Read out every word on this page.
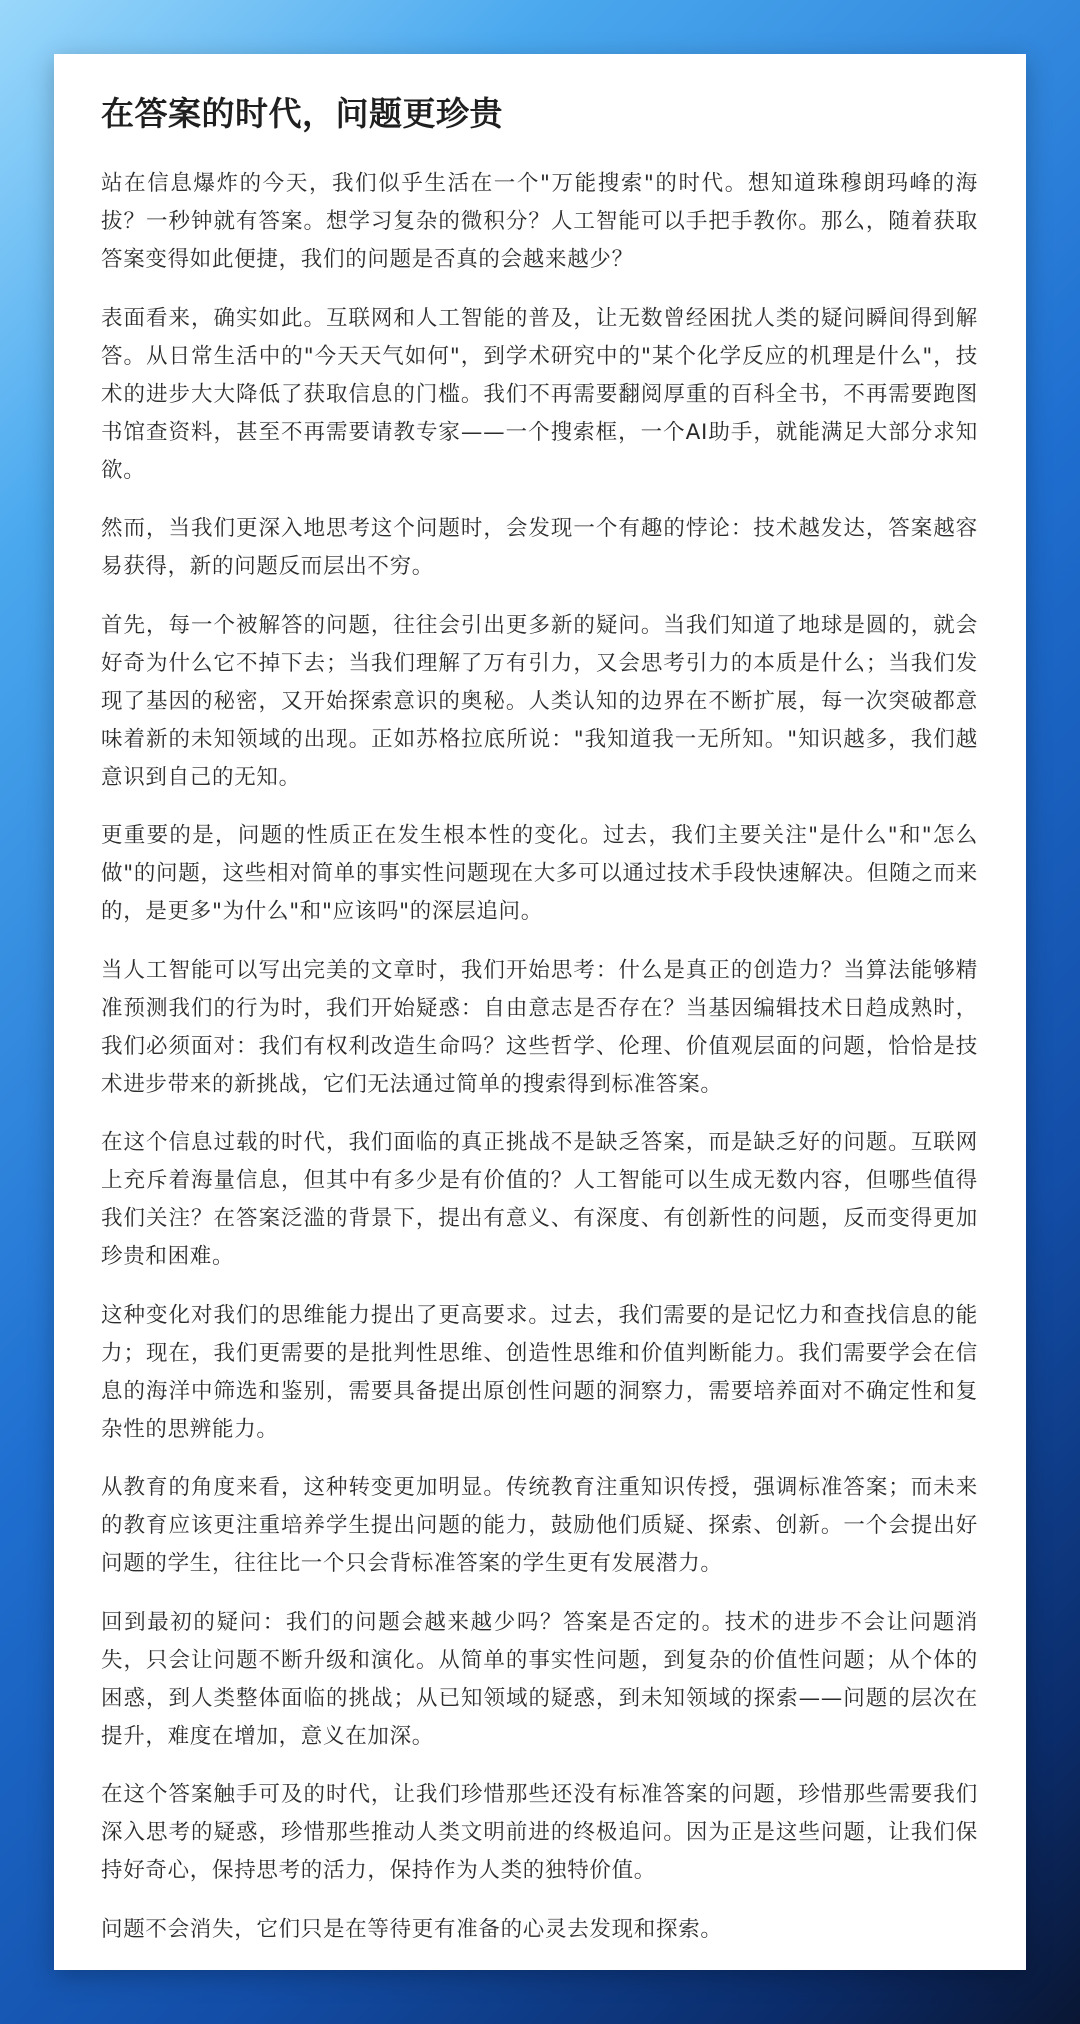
在答案的时代，问题更珍贵

站在信息爆炸的今天，我们似乎生活在一个"万能搜索"的时代。想知道珠穆朗玛峰的海拔？一秒钟就有答案。想学习复杂的微积分？人工智能可以手把手教你。那么，随着获取答案变得如此便捷，我们的问题是否真的会越来越少？

表面看来，确实如此。互联网和人工智能的普及，让无数曾经困扰人类的疑问瞬间得到解答。从日常生活中的"今天天气如何"，到学术研究中的"某个化学反应的机理是什么"，技术的进步大大降低了获取信息的门槛。我们不再需要翻阅厚重的百科全书，不再需要跑图书馆查资料，甚至不再需要请教专家——一个搜索框，一个AI助手，就能满足大部分求知欲。

然而，当我们更深入地思考这个问题时，会发现一个有趣的悖论：技术越发达，答案越容易获得，新的问题反而层出不穷。

首先，每一个被解答的问题，往往会引出更多新的疑问。当我们知道了地球是圆的，就会好奇为什么它不掉下去；当我们理解了万有引力，又会思考引力的本质是什么；当我们发现了基因的秘密，又开始探索意识的奥秘。人类认知的边界在不断扩展，每一次突破都意味着新的未知领域的出现。正如苏格拉底所说："我知道我一无所知。"知识越多，我们越意识到自己的无知。

更重要的是，问题的性质正在发生根本性的变化。过去，我们主要关注"是什么"和"怎么做"的问题，这些相对简单的事实性问题现在大多可以通过技术手段快速解决。但随之而来的，是更多"为什么"和"应该吗"的深层追问。

当人工智能可以写出完美的文章时，我们开始思考：什么是真正的创造力？当算法能够精准预测我们的行为时，我们开始疑惑：自由意志是否存在？当基因编辑技术日趋成熟时，我们必须面对：我们有权利改造生命吗？这些哲学、伦理、价值观层面的问题，恰恰是技术进步带来的新挑战，它们无法通过简单的搜索得到标准答案。

在这个信息过载的时代，我们面临的真正挑战不是缺乏答案，而是缺乏好的问题。互联网上充斥着海量信息，但其中有多少是有价值的？人工智能可以生成无数内容，但哪些值得我们关注？在答案泛滥的背景下，提出有意义、有深度、有创新性的问题，反而变得更加珍贵和困难。

这种变化对我们的思维能力提出了更高要求。过去，我们需要的是记忆力和查找信息的能力；现在，我们更需要的是批判性思维、创造性思维和价值判断能力。我们需要学会在信息的海洋中筛选和鉴别，需要具备提出原创性问题的洞察力，需要培养面对不确定性和复杂性的思辨能力。

从教育的角度来看，这种转变更加明显。传统教育注重知识传授，强调标准答案；而未来的教育应该更注重培养学生提出问题的能力，鼓励他们质疑、探索、创新。一个会提出好问题的学生，往往比一个只会背标准答案的学生更有发展潜力。

回到最初的疑问：我们的问题会越来越少吗？答案是否定的。技术的进步不会让问题消失，只会让问题不断升级和演化。从简单的事实性问题，到复杂的价值性问题；从个体的困惑，到人类整体面临的挑战；从已知领域的疑惑，到未知领域的探索——问题的层次在提升，难度在增加，意义在加深。

在这个答案触手可及的时代，让我们珍惜那些还没有标准答案的问题，珍惜那些需要我们深入思考的疑惑，珍惜那些推动人类文明前进的终极追问。因为正是这些问题，让我们保持好奇心，保持思考的活力，保持作为人类的独特价值。

问题不会消失，它们只是在等待更有准备的心灵去发现和探索。
